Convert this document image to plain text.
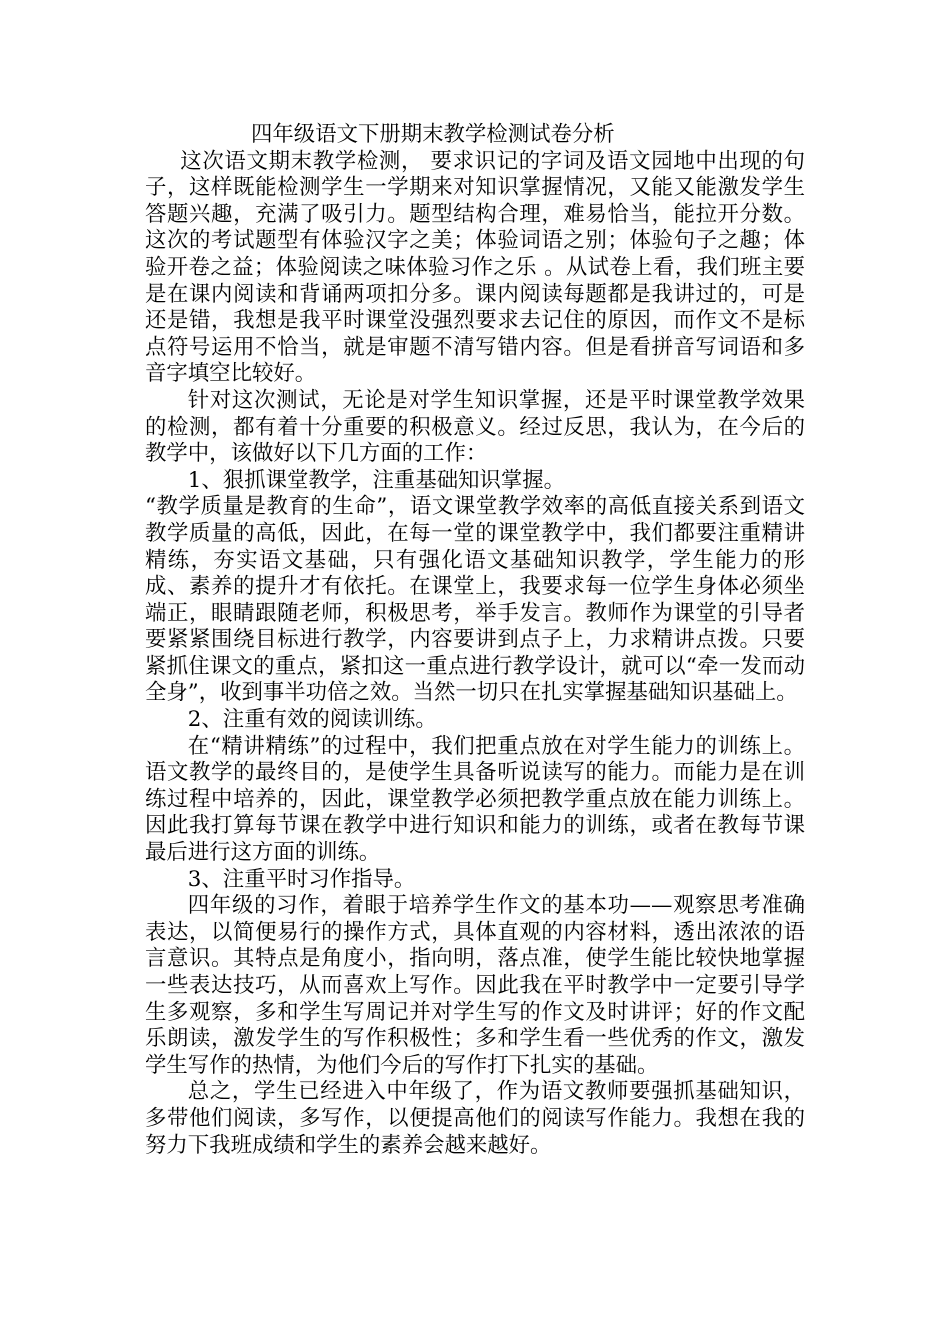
四年级语文下册期末教学检测试卷分析

这次语文期末教学检测， 要求识记的字词及语文园地中出现的句子，这样既能检测学生一学期来对知识掌握情况，又能又能激发学生答题兴趣，充满了吸引力。题型结构合理，难易恰当，能拉开分数。这次的考试题型有体验汉字之美；体验词语之别；体验句子之趣；体验开卷之益；体验阅读之味体验习作之乐 。从试卷上看，我们班主要是在课内阅读和背诵两项扣分多。课内阅读每题都是我讲过的，可是还是错，我想是我平时课堂没强烈要求去记住的原因，而作文不是标点符号运用不恰当，就是审题不清写错内容。但是看拼音写词语和多音字填空比较好。

针对这次测试，无论是对学生知识掌握，还是平时课堂教学效果的检测，都有着十分重要的积极意义。经过反思，我认为，在今后的教学中，该做好以下几方面的工作：

1、狠抓课堂教学，注重基础知识掌握。

“教学质量是教育的生命”，语文课堂教学效率的高低直接关系到语文教学质量的高低，因此，在每一堂的课堂教学中，我们都要注重精讲精练，夯实语文基础，只有强化语文基础知识教学，学生能力的形成、素养的提升才有依托。在课堂上，我要求每一位学生身体必须坐端正，眼睛跟随老师，积极思考，举手发言。教师作为课堂的引导者要紧紧围绕目标进行教学，内容要讲到点子上，力求精讲点拨。只要紧抓住课文的重点，紧扣这一重点进行教学设计，就可以“牵一发而动全身”，收到事半功倍之效。当然一切只在扎实掌握基础知识基础上。

2、注重有效的阅读训练。

在“精讲精练”的过程中，我们把重点放在对学生能力的训练上。语文教学的最终目的，是使学生具备听说读写的能力。而能力是在训练过程中培养的，因此，课堂教学必须把教学重点放在能力训练上。因此我打算每节课在教学中进行知识和能力的训练，或者在教每节课最后进行这方面的训练。

3、注重平时习作指导。

四年级的习作，着眼于培养学生作文的基本功——观察思考准确表达，以简便易行的操作方式，具体直观的内容材料，透出浓浓的语言意识。其特点是角度小，指向明，落点准，使学生能比较快地掌握一些表达技巧，从而喜欢上写作。因此我在平时教学中一定要引导学生多观察，多和学生写周记并对学生写的作文及时讲评；好的作文配乐朗读，激发学生的写作积极性；多和学生看一些优秀的作文，激发学生写作的热情，为他们今后的写作打下扎实的基础。

总之，学生已经进入中年级了，作为语文教师要强抓基础知识，多带他们阅读，多写作，以便提高他们的阅读写作能力。我想在我的努力下我班成绩和学生的素养会越来越好。
